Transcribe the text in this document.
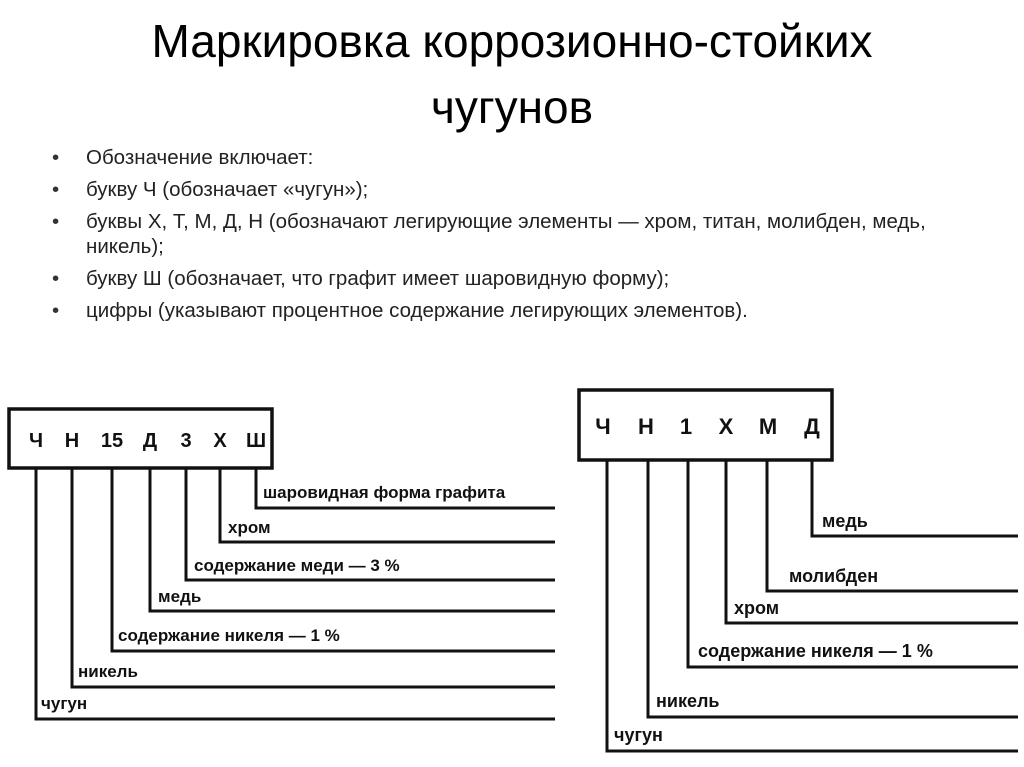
Маркировка коррозионно-стойких
чугунов
• Обозначение включает:
• букву Ч (обозначает «чугун»);
• буквы Х, Т, М, Д, Н (обозначают легирующие элементы — хром, титан, молибден, медь, никель);
• букву Ш (обозначает, что графит имеет шаровидную форму);
• цифры (указывают процентное содержание легирующих элементов).
Ч Н 15 Д 3 Х Ш
шаровидная форма графита
хром
содержание меди — 3 %
медь
содержание никеля — 1 %
никель
чугун
Ч Н 1 Х М Д
медь
молибден
хром
содержание никеля — 1 %
никель
чугун
